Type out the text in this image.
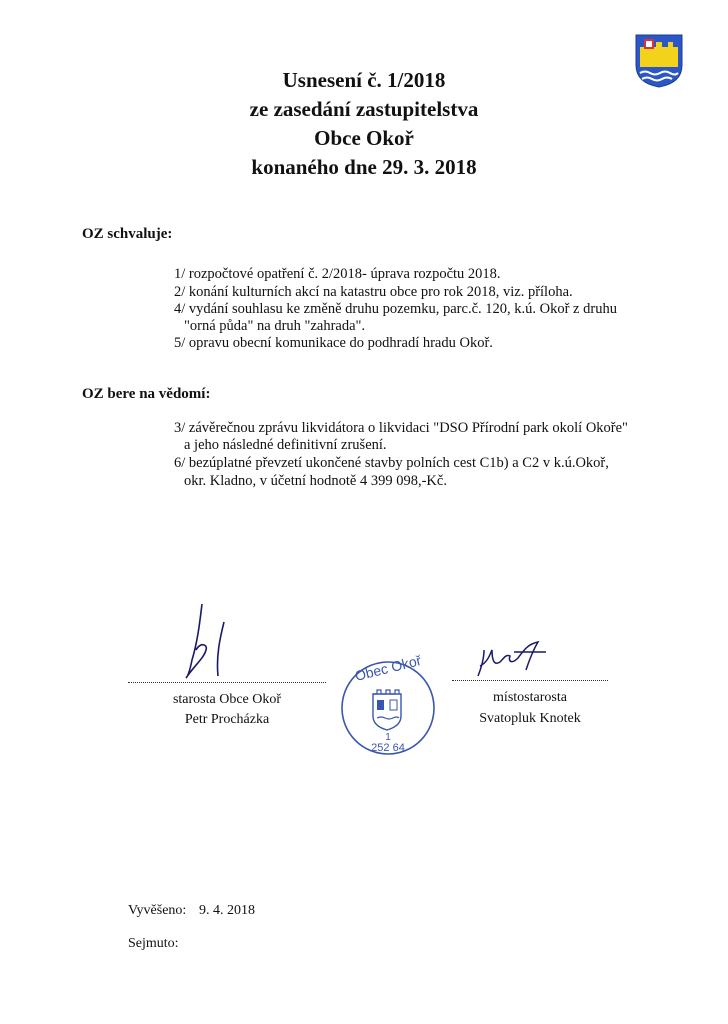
Usnesení č. 1/2018
ze zasedání zastupitelstva
Obce Okoř
konaného dne 29. 3. 2018
OZ schvaluje:
1/ rozpočtové opatření č. 2/2018- úprava rozpočtu 2018.
2/ konání kulturních akcí na katastru obce pro rok 2018, viz. příloha.
4/ vydání souhlasu ke změně druhu pozemku, parc.č. 120, k.ú. Okoř z druhu
"orná půda" na druh "zahrada".
5/ opravu obecní komunikace do podhradí hradu Okoř.
OZ bere na vědomí:
3/ závěrečnou zprávu likvidátora o likvidaci "DSO Přírodní park okolí Okoře"
a jeho následné definitivní zrušení.
6/ bezúplatné převzetí ukončené stavby polních cest C1b) a C2 v k.ú.Okoř,
okr. Kladno, v účetní hodnotě 4 399 098,-Kč.
starosta Obce Okoř
Petr Procházka
Obec Okoř
1
252 64
místostarosta
Svatopluk Knotek
Vyvěšeno: 9. 4. 2018
Sejmuto:
